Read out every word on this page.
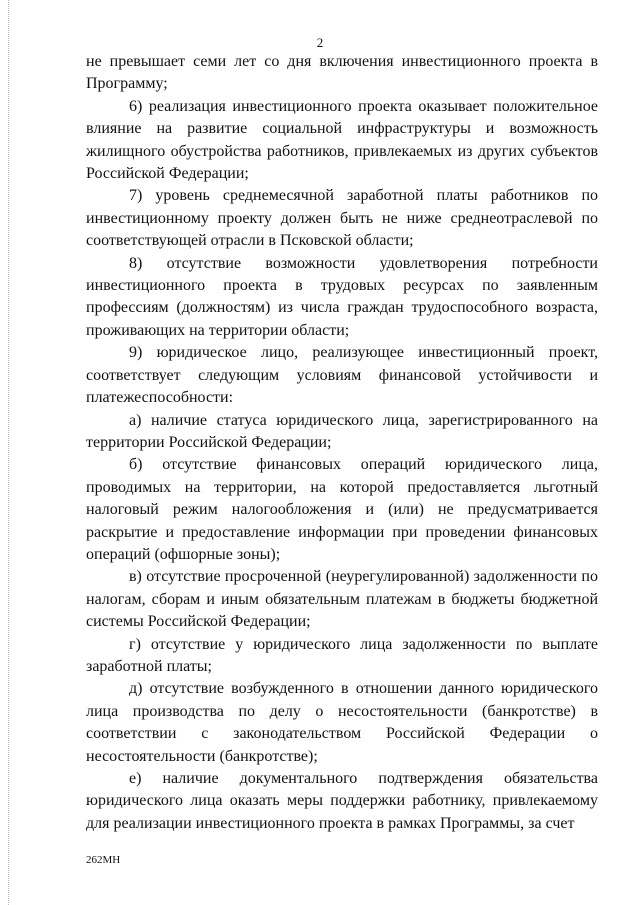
2

не превышает семи лет со дня включения инвестиционного проекта в Программу;

6) реализация инвестиционного проекта оказывает положительное влияние на развитие социальной инфраструктуры и возможность жилищного обустройства работников, привлекаемых из других субъектов Российской Федерации;

7) уровень среднемесячной заработной платы работников по инвестиционному проекту должен быть не ниже среднеотраслевой по соответствующей отрасли в Псковской области;

8) отсутствие возможности удовлетворения потребности инвестиционного проекта в трудовых ресурсах по заявленным профессиям (должностям) из числа граждан трудоспособного возраста, проживающих на территории области;

9) юридическое лицо, реализующее инвестиционный проект, соответствует следующим условиям финансовой устойчивости и платежеспособности:

а) наличие статуса юридического лица, зарегистрированного на территории Российской Федерации;

б) отсутствие финансовых операций юридического лица, проводимых на территории, на которой предоставляется льготный налоговый режим налогообложения и (или) не предусматривается раскрытие и предоставление информации при проведении финансовых операций (офшорные зоны);

в) отсутствие просроченной (неурегулированной) задолженности по налогам, сборам и иным обязательным платежам в бюджеты бюджетной системы Российской Федерации;

г) отсутствие у юридического лица задолженности по выплате заработной платы;

д) отсутствие возбужденного в отношении данного юридического лица производства по делу о несостоятельности (банкротстве) в соответствии с законодательством Российской Федерации о несостоятельности (банкротстве);

е) наличие документального подтверждения обязательства юридического лица оказать меры поддержки работнику, привлекаемому для реализации инвестиционного проекта в рамках Программы, за счет

262МН
